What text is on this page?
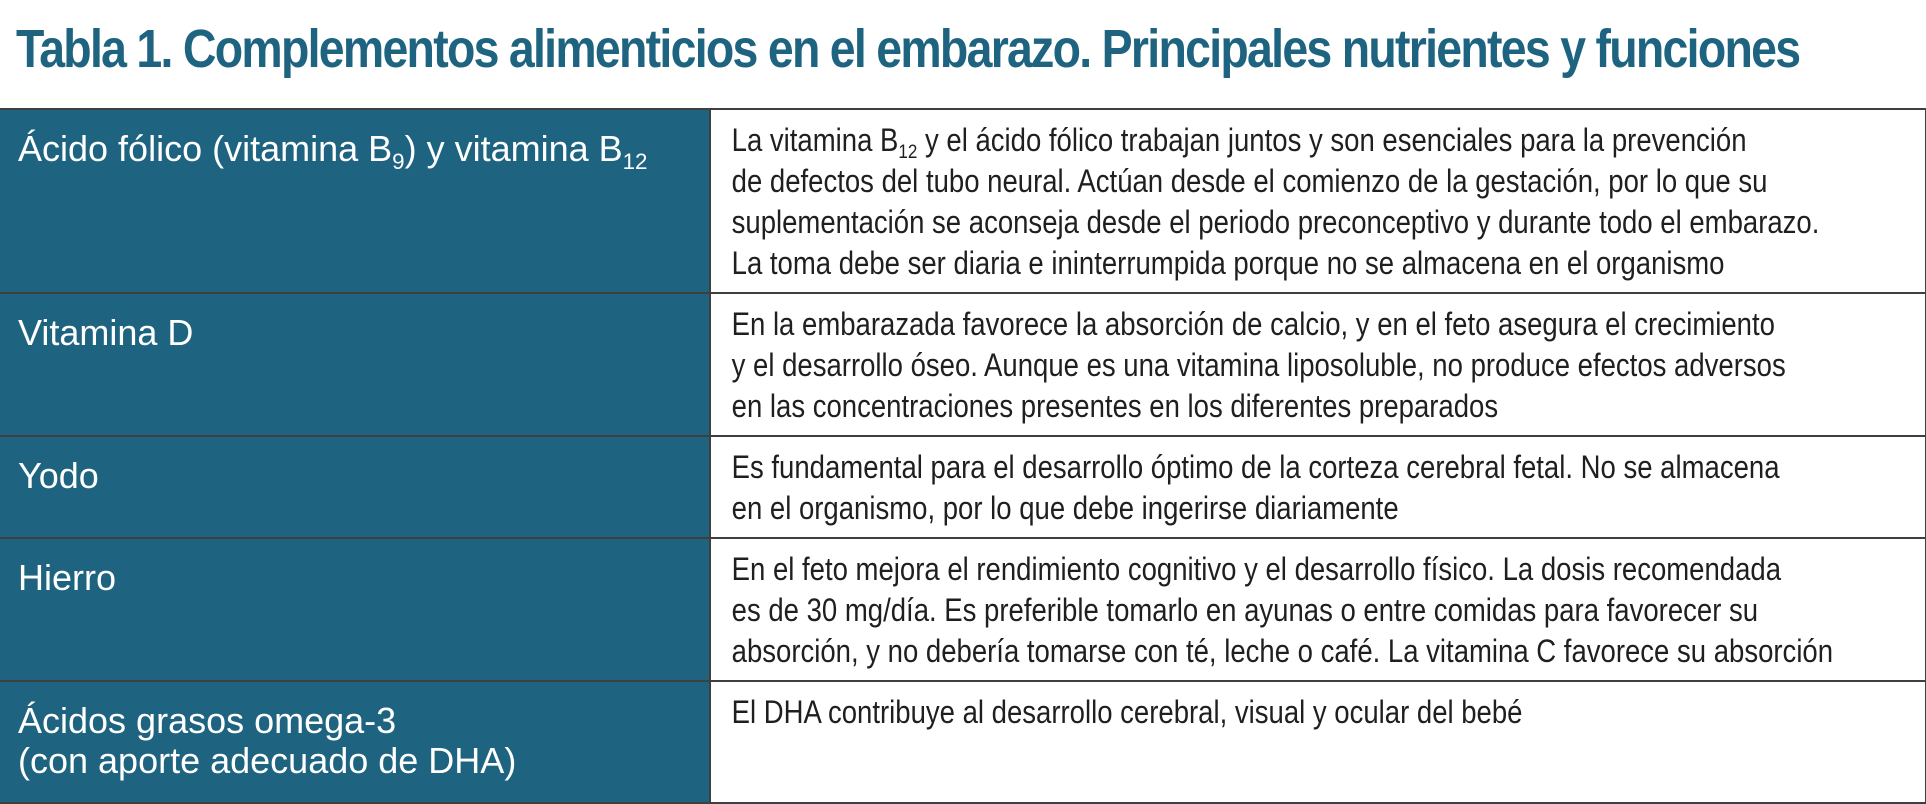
Tabla 1. Complementos alimenticios en el embarazo. Principales nutrientes y funciones
Ácido fólico (vitamina $B_9$) y vitamina $B_{12}$	La vitamina $B_{12}$ y el ácido fólico trabajan juntos y son esenciales para la prevención
de defectos del tubo neural. Actúan desde el comienzo de la gestación, por lo que su
suplementación se aconseja desde el periodo preconceptivo y durante todo el embarazo.
La toma debe ser diaria e ininterrumpida porque no se almacena en el organismo

Vitamina D	En la embarazada favorece la absorción de calcio, y en el feto asegura el crecimiento
y el desarrollo óseo. Aunque es una vitamina liposoluble, no produce efectos adversos
en las concentraciones presentes en los diferentes preparados

Yodo	Es fundamental para el desarrollo óptimo de la corteza cerebral fetal. No se almacena
en el organismo, por lo que debe ingerirse diariamente

Hierro	En el feto mejora el rendimiento cognitivo y el desarrollo físico. La dosis recomendada
es de 30 mg/día. Es preferible tomarlo en ayunas o entre comidas para favorecer su
absorción, y no debería tomarse con té, leche o café. La vitamina C favorece su absorción

Ácidos grasos omega-3
(con aporte adecuado de DHA)	El DHA contribuye al desarrollo cerebral, visual y ocular del bebé
